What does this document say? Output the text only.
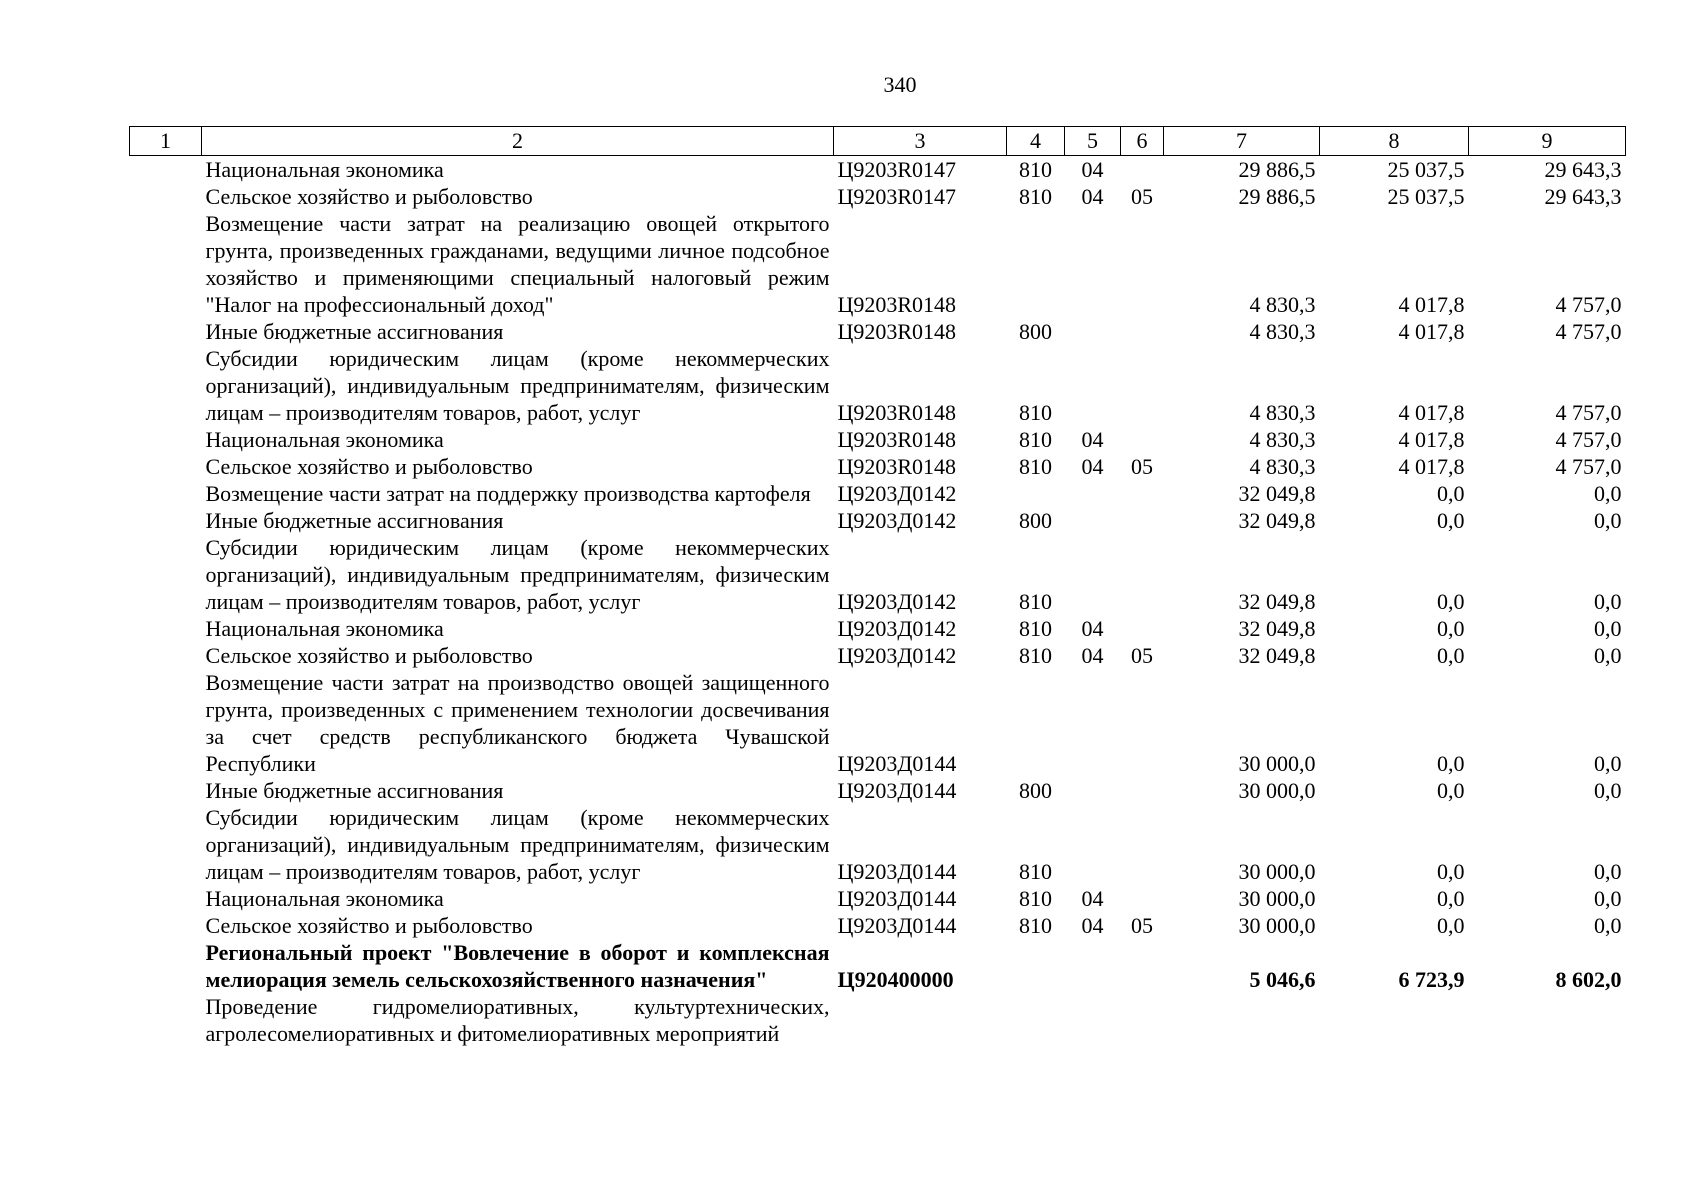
340
1	2	3	4	5	6	7	8	9
	Национальная экономика	Ц9203R0147	810	04		29 886,5	25 037,5	29 643,3
	Сельское хозяйство и рыболовство	Ц9203R0147	810	04	05	29 886,5	25 037,5	29 643,3
	Возмещение части затрат на реализацию овощей открытого грунта, произведенных гражданами, ведущими личное подсобное хозяйство и применяющими специальный налоговый режим "Налог на профессиональный доход"	Ц9203R0148				4 830,3	4 017,8	4 757,0
	Иные бюджетные ассигнования	Ц9203R0148	800			4 830,3	4 017,8	4 757,0
	Субсидии юридическим лицам (кроме некоммерческих организаций), индивидуальным предпринимателям, физическим лицам – производителям товаров, работ, услуг	Ц9203R0148	810			4 830,3	4 017,8	4 757,0
	Национальная экономика	Ц9203R0148	810	04		4 830,3	4 017,8	4 757,0
	Сельское хозяйство и рыболовство	Ц9203R0148	810	04	05	4 830,3	4 017,8	4 757,0
	Возмещение части затрат на поддержку производства картофеля	Ц9203Д0142				32 049,8	0,0	0,0
	Иные бюджетные ассигнования	Ц9203Д0142	800			32 049,8	0,0	0,0
	Субсидии юридическим лицам (кроме некоммерческих организаций), индивидуальным предпринимателям, физическим лицам – производителям товаров, работ, услуг	Ц9203Д0142	810			32 049,8	0,0	0,0
	Национальная экономика	Ц9203Д0142	810	04		32 049,8	0,0	0,0
	Сельское хозяйство и рыболовство	Ц9203Д0142	810	04	05	32 049,8	0,0	0,0
	Возмещение части затрат на производство овощей защищенного грунта, произведенных с применением технологии досвечивания за счет средств республиканского бюджета Чувашской Республики	Ц9203Д0144				30 000,0	0,0	0,0
	Иные бюджетные ассигнования	Ц9203Д0144	800			30 000,0	0,0	0,0
	Субсидии юридическим лицам (кроме некоммерческих организаций), индивидуальным предпринимателям, физическим лицам – производителям товаров, работ, услуг	Ц9203Д0144	810			30 000,0	0,0	0,0
	Национальная экономика	Ц9203Д0144	810	04		30 000,0	0,0	0,0
	Сельское хозяйство и рыболовство	Ц9203Д0144	810	04	05	30 000,0	0,0	0,0
	Региональный проект "Вовлечение в оборот и комплексная мелиорация земель сельскохозяйственного назначения"	Ц920400000				5 046,6	6 723,9	8 602,0
	Проведение гидромелиоративных, культуртехнических, агролесомелиоративных и фитомелиоративных мероприятий							
